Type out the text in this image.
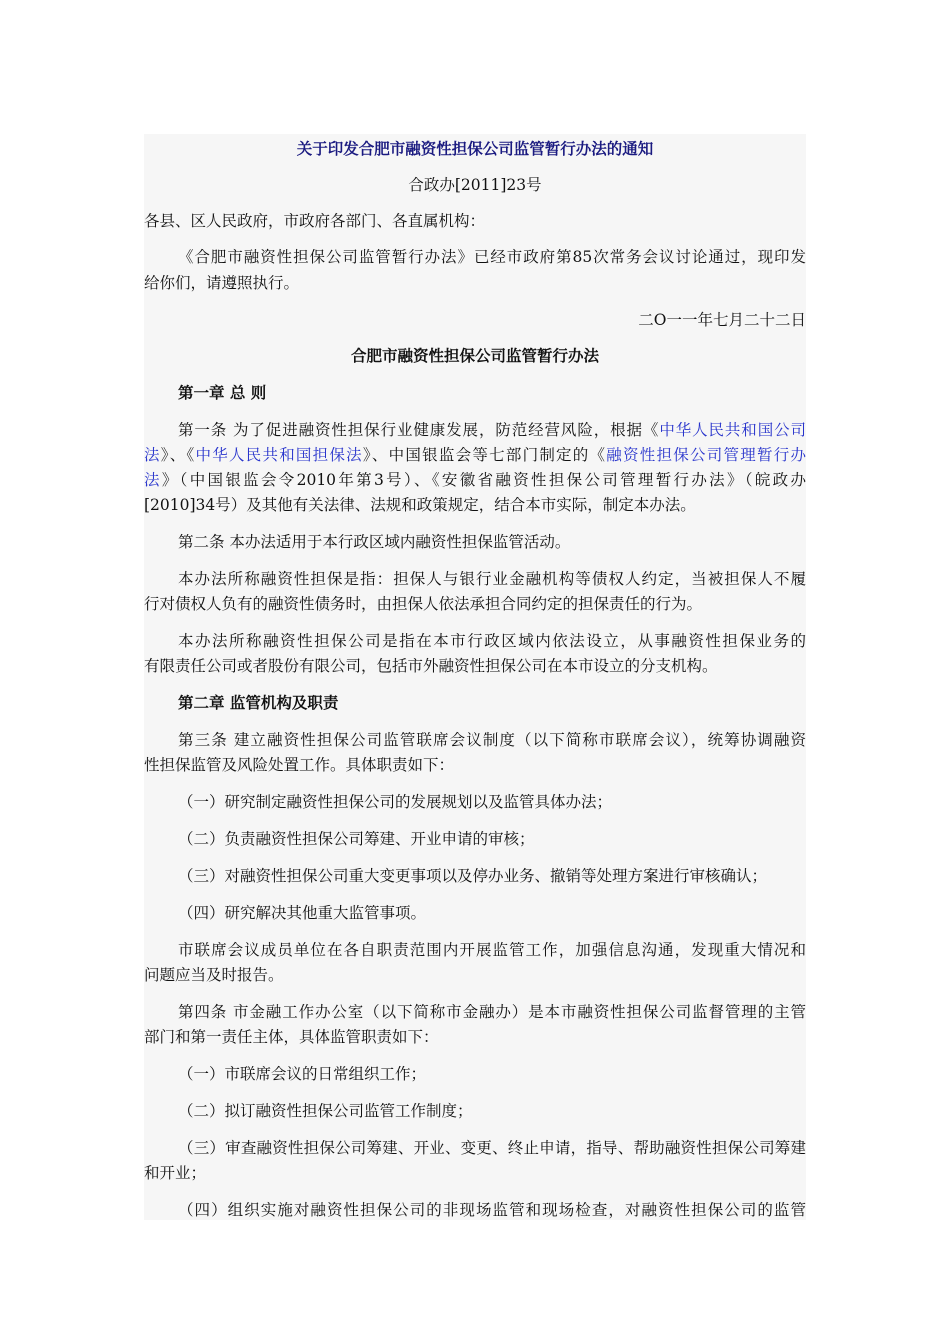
关于印发合肥市融资性担保公司监管暂行办法的通知
合政办[2011]23号
各县、区人民政府，市政府各部门、各直属机构：
《合肥市融资性担保公司监管暂行办法》已经市政府第85次常务会议讨论通过，现印发
给你们，请遵照执行。
二O一一年七月二十二日
合肥市融资性担保公司监管暂行办法
第一章 总 则
第一条 为了促进融资性担保行业健康发展，防范经营风险，根据《中华人民共和国公司
法》、《中华人民共和国担保法》、中国银监会等七部门制定的《融资性担保公司管理暂行办
法》（中国银监会令2010年第3号）、《安徽省融资性担保公司管理暂行办法》（皖政办
[2010]34号）及其他有关法律、法规和政策规定，结合本市实际，制定本办法。
第二条 本办法适用于本行政区域内融资性担保监管活动。
本办法所称融资性担保是指：担保人与银行业金融机构等债权人约定，当被担保人不履
行对债权人负有的融资性债务时，由担保人依法承担合同约定的担保责任的行为。
本办法所称融资性担保公司是指在本市行政区域内依法设立，从事融资性担保业务的
有限责任公司或者股份有限公司，包括市外融资性担保公司在本市设立的分支机构。
第二章 监管机构及职责
第三条 建立融资性担保公司监管联席会议制度（以下简称市联席会议），统筹协调融资
性担保监管及风险处置工作。具体职责如下：
（一）研究制定融资性担保公司的发展规划以及监管具体办法；
（二）负责融资性担保公司筹建、开业申请的审核；
（三）对融资性担保公司重大变更事项以及停办业务、撤销等处理方案进行审核确认；
（四）研究解决其他重大监管事项。
市联席会议成员单位在各自职责范围内开展监管工作，加强信息沟通，发现重大情况和
问题应当及时报告。
第四条 市金融工作办公室（以下简称市金融办）是本市融资性担保公司监督管理的主管
部门和第一责任主体，具体监管职责如下：
（一）市联席会议的日常组织工作；
（二）拟订融资性担保公司监管工作制度；
（三）审查融资性担保公司筹建、开业、变更、终止申请，指导、帮助融资性担保公司筹建
和开业；
（四）组织实施对融资性担保公司的非现场监管和现场检查，对融资性担保公司的监管
